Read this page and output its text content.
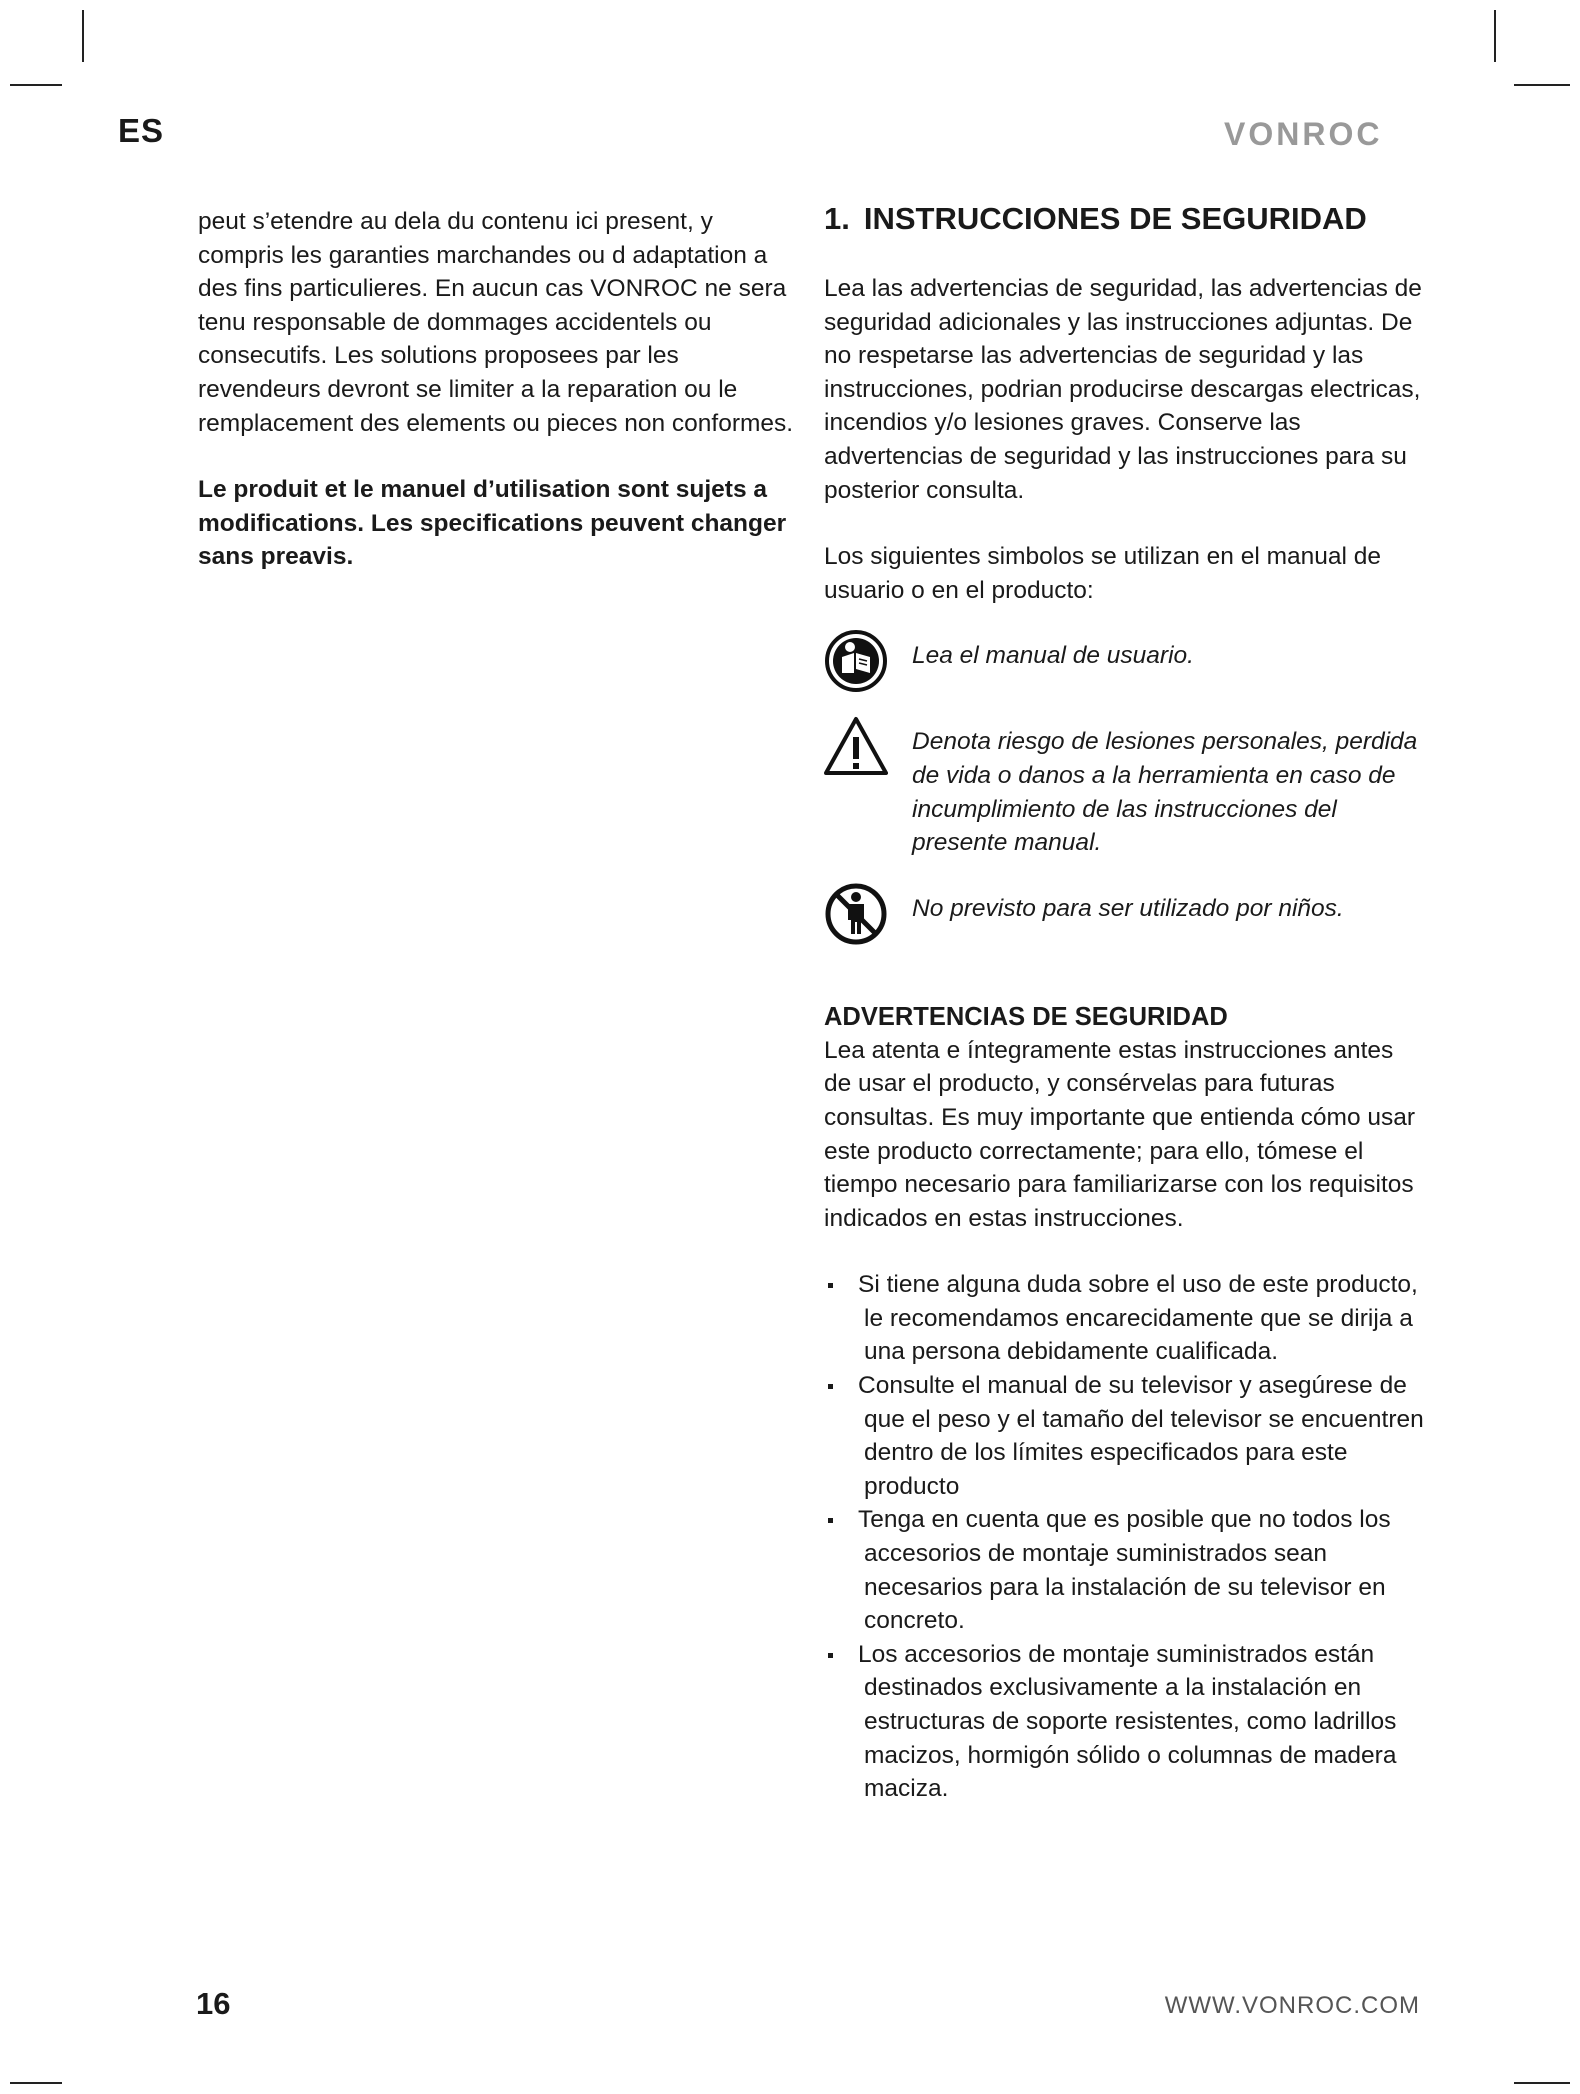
ES	VONROC

peut s’etendre au dela du contenu ici present, y compris les garanties marchandes ou d adaptation a des fins particulieres. En aucun cas VONROC ne sera tenu responsable de dommages accidentels ou consecutifs. Les solutions proposees par les revendeurs devront se limiter a la reparation ou le remplacement des elements ou pieces non conformes.

Le produit et le manuel d’utilisation sont sujets a modifications. Les specifications peuvent changer sans preavis.

1. INSTRUCCIONES DE SEGURIDAD

Lea las advertencias de seguridad, las advertencias de seguridad adicionales y las instrucciones adjuntas. De no respetarse las advertencias de seguridad y las instrucciones, podrian producirse descargas electricas, incendios y/o lesiones graves. Conserve las advertencias de seguridad y las instrucciones para su posterior consulta.

Los siguientes simbolos se utilizan en el manual de usuario o en el producto:

Lea el manual de usuario.
Denota riesgo de lesiones personales, perdida de vida o danos a la herramienta en caso de incumplimiento de las instrucciones del presente manual.
No previsto para ser utilizado por niños.
ADVERTENCIAS DE SEGURIDAD

Lea atenta e íntegramente estas instrucciones antes de usar el producto, y consérvelas para futuras consultas. Es muy importante que entienda cómo usar este producto correctamente; para ello, tómese el tiempo necesario para familiarizarse con los requisitos indicados en estas instrucciones.

Si tiene alguna duda sobre el uso de este producto, le recomendamos encarecidamente que se dirija a una persona debidamente cualificada.
Consulte el manual de su televisor y asegúrese de que el peso y el tamaño del televisor se encuentren dentro de los límites especificados para este producto
Tenga en cuenta que es posible que no todos los accesorios de montaje suministrados sean necesarios para la instalación de su televisor en concreto.
Los accesorios de montaje suministrados están destinados exclusivamente a la instalación en estructuras de soporte resistentes, como ladrillos macizos, hormigón sólido o columnas de madera maciza.
16	WWW.VONROC.COM
